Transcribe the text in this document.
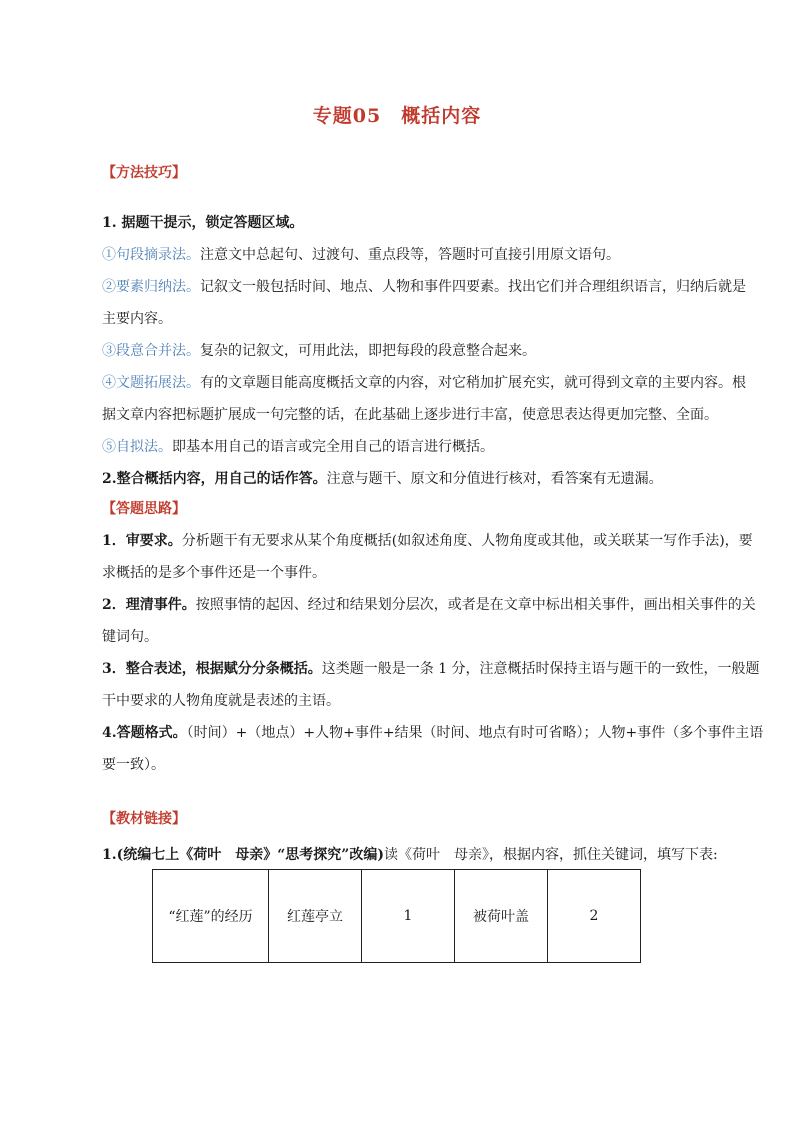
专题05　概括内容
【方法技巧】
1. 据题干提示，锁定答题区域。
①句段摘录法。注意文中总起句、过渡句、重点段等，答题时可直接引用原文语句。
②要素归纳法。记叙文一般包括时间、地点、人物和事件四要素。找出它们并合理组织语言，归纳后就是
主要内容。
③段意合并法。复杂的记叙文，可用此法，即把每段的段意整合起来。
④文题拓展法。有的文章题目能高度概括文章的内容，对它稍加扩展充实，就可得到文章的主要内容。根
据文章内容把标题扩展成一句完整的话，在此基础上逐步进行丰富，使意思表达得更加完整、全面。
⑤自拟法。即基本用自己的语言或完全用自己的语言进行概括。
2.整合概括内容，用自己的话作答。注意与题干、原文和分值进行核对，看答案有无遗漏。
【答题思路】
1．审要求。分析题干有无要求从某个角度概括(如叙述角度、人物角度或其他，或关联某一写作手法)，要
求概括的是多个事件还是一个事件。
2．理清事件。按照事情的起因、经过和结果划分层次，或者是在文章中标出相关事件，画出相关事件的关
键词句。
3．整合表述，根据赋分分条概括。这类题一般是一条 1 分，注意概括时保持主语与题干的一致性，一般题
干中要求的人物角度就是表述的主语。
4.答题格式。（时间）+（地点）+人物+事件+结果（时间、地点有时可省略）；人物+事件（多个事件主语
要一致）。
【教材链接】
1.(统编七上《荷叶　母亲》“思考探究”改编)读《荷叶　母亲》，根据内容，抓住关键词，填写下表:
“红莲”的经历	红莲亭立	1	被荷叶盖	2
